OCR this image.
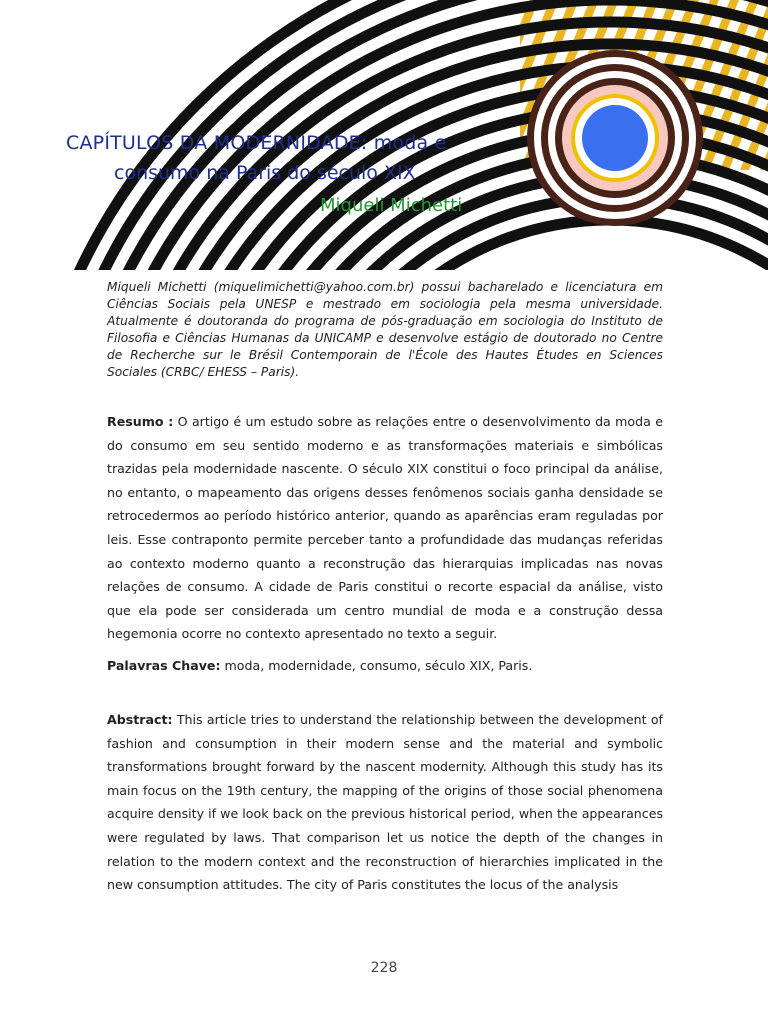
CAPÍTULOS DA MODERNIDADE: moda e
consumo na Paris do século XIX
Miqueli Michetti

Miqueli Michetti (miquelimichetti@yahoo.com.br) possui bacharelado e licenciatura em Ciências Sociais pela UNESP e mestrado em sociologia pela mesma universidade. Atualmente é doutoranda do programa de pós-graduação em sociologia do Instituto de Filosofia e Ciências Humanas da UNICAMP e desenvolve estágio de doutorado no Centre de Recherche sur le Brésil Contemporain de l'École des Hautes Études en Sciences Sociales (CRBC/ EHESS – Paris).

Resumo : O artigo é um estudo sobre as relações entre o desenvolvimento da moda e do consumo em seu sentido moderno e as transformações materiais e simbólicas trazidas pela modernidade nascente. O século XIX constitui o foco principal da análise, no entanto, o mapeamento das origens desses fenômenos sociais ganha densidade se retrocedermos ao período histórico anterior, quando as aparências eram reguladas por leis. Esse contraponto permite perceber tanto a profundidade das mudanças referidas ao contexto moderno quanto a reconstrução das hierarquias implicadas nas novas relações de consumo. A cidade de Paris constitui o recorte espacial da análise, visto que ela pode ser considerada um centro mundial de moda e a construção dessa hegemonia ocorre no contexto apresentado no texto a seguir.

Palavras Chave: moda, modernidade, consumo, século XIX, Paris.

Abstract: This article tries to understand the relationship between the development of fashion and consumption in their modern sense and the material and symbolic transformations brought forward by the nascent modernity. Although this study has its main focus on the 19th century, the mapping of the origins of those social phenomena acquire density if we look back on the previous historical period, when the appearances were regulated by laws. That comparison let us notice the depth of the changes in relation to the modern context and the reconstruction of hierarchies implicated in the new consumption attitudes. The city of Paris constitutes the locus of the analysis

228
